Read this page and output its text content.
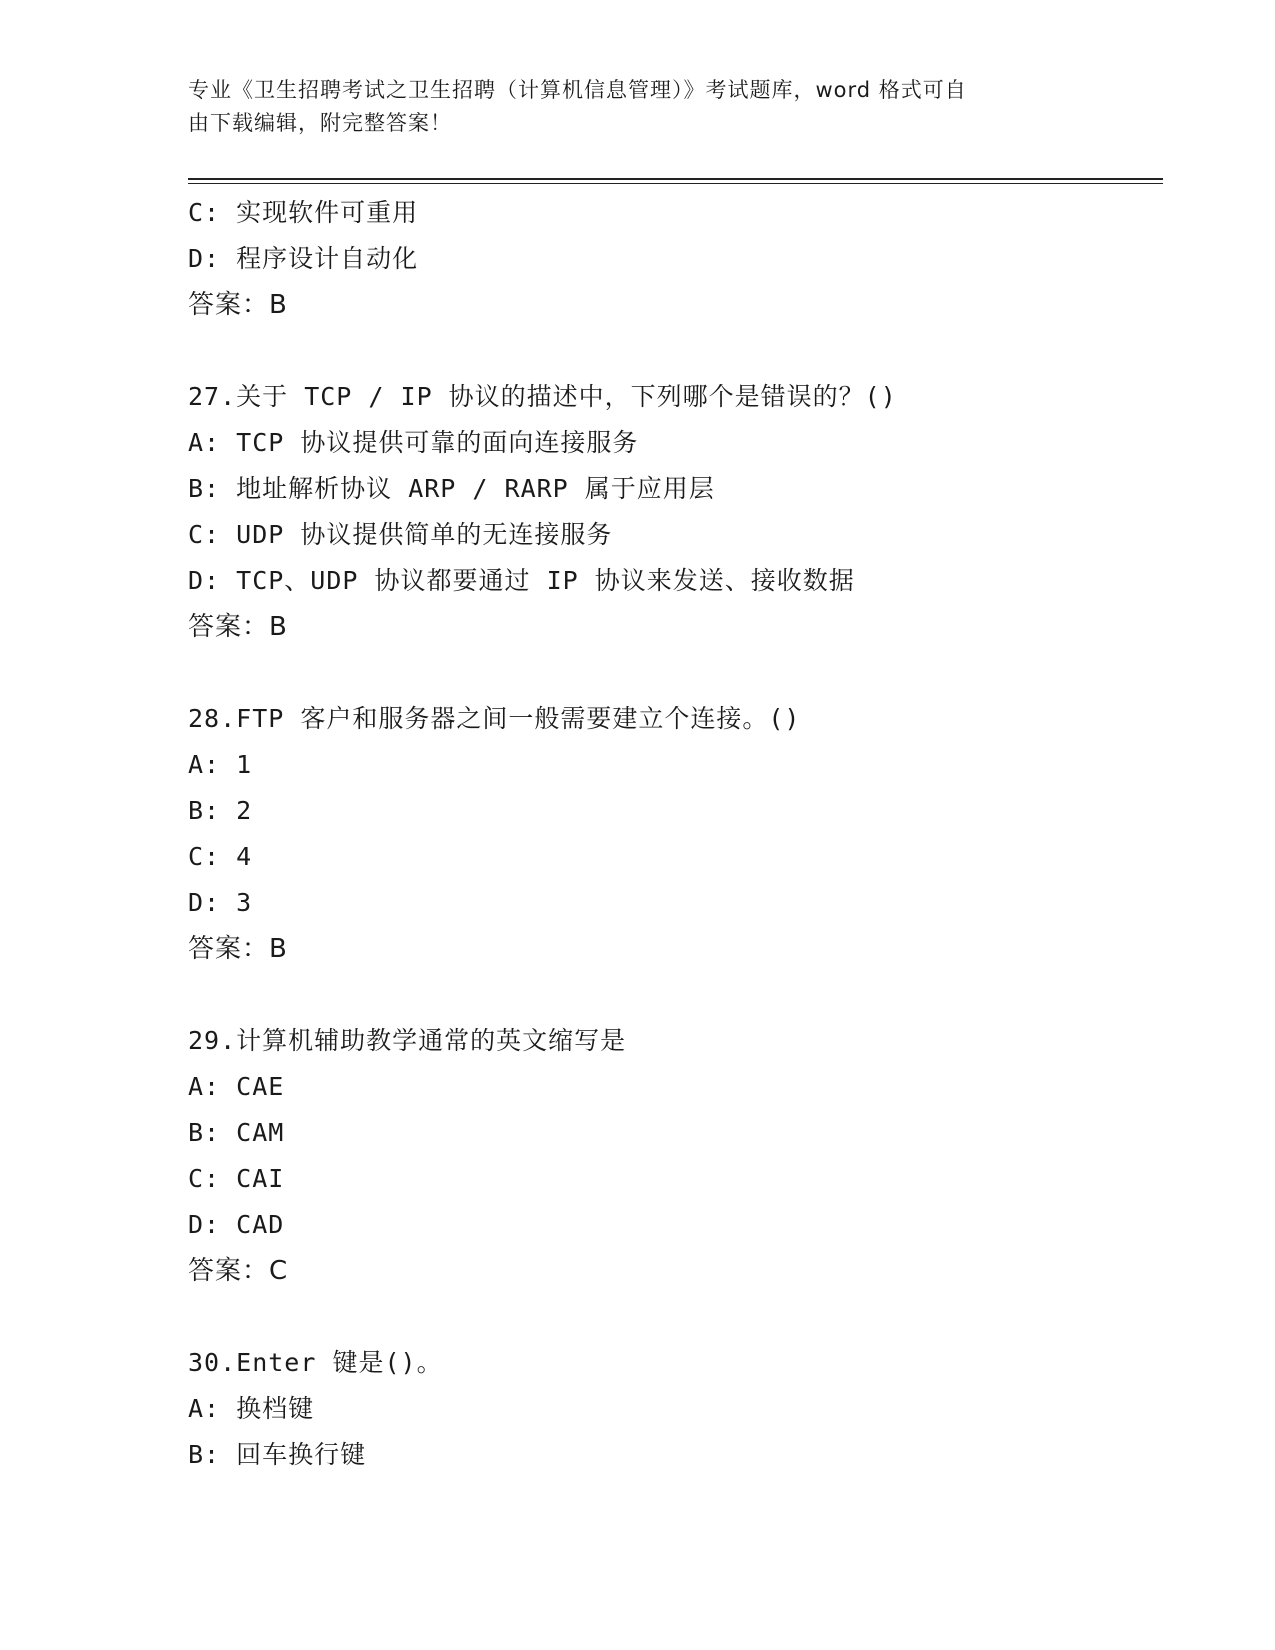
专业《卫生招聘考试之卫生招聘（计算机信息管理）》考试题库，word 格式可自
由下载编辑，附完整答案！
C: 实现软件可重用
D: 程序设计自动化
答案：B
27.关于 TCP / IP 协议的描述中，下列哪个是错误的？()
A: TCP 协议提供可靠的面向连接服务
B: 地址解析协议 ARP / RARP 属于应用层
C: UDP 协议提供简单的无连接服务
D: TCP、UDP 协议都要通过 IP 协议来发送、接收数据
答案：B
28.FTP 客户和服务器之间一般需要建立个连接。()
A: 1
B: 2
C: 4
D: 3
答案：B
29.计算机辅助教学通常的英文缩写是
A: CAE
B: CAM
C: CAI
D: CAD
答案：C
30.Enter 键是()。
A: 换档键
B: 回车换行键
